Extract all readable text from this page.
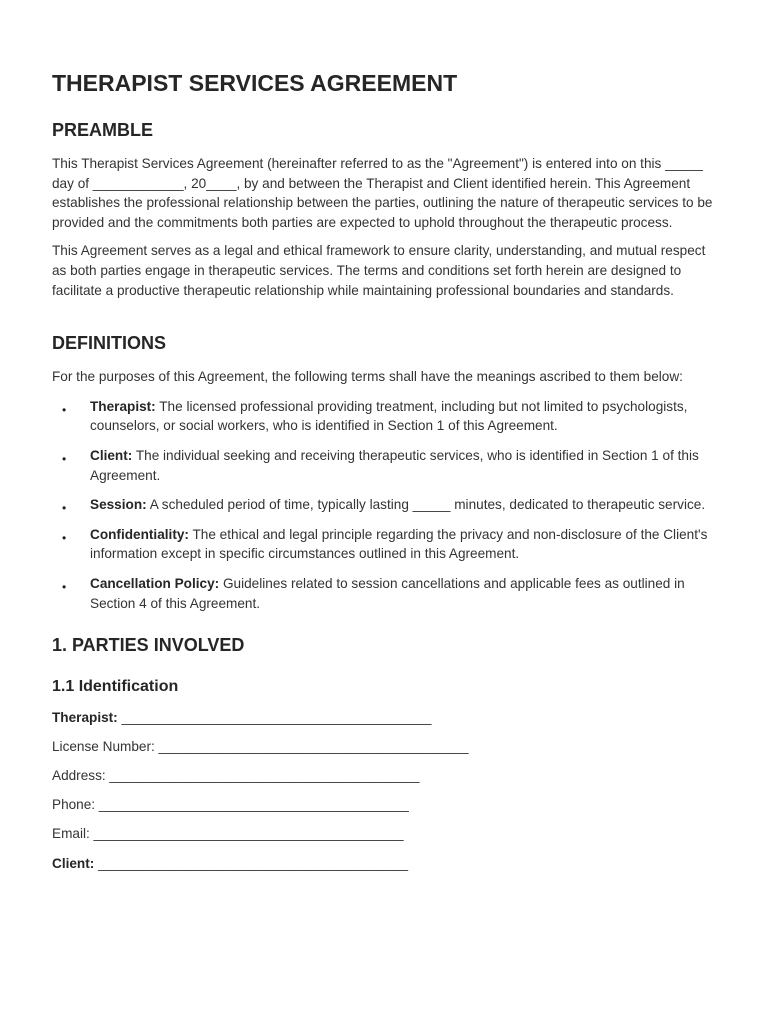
THERAPIST SERVICES AGREEMENT
PREAMBLE

This Therapist Services Agreement (hereinafter referred to as the "Agreement") is entered into on this _____ day of ____________, 20____, by and between the Therapist and Client identified herein. This Agreement establishes the professional relationship between the parties, outlining the nature of therapeutic services to be provided and the commitments both parties are expected to uphold throughout the therapeutic process.

This Agreement serves as a legal and ethical framework to ensure clarity, understanding, and mutual respect as both parties engage in therapeutic services. The terms and conditions set forth herein are designed to facilitate a productive therapeutic relationship while maintaining professional boundaries and standards.

DEFINITIONS

For the purposes of this Agreement, the following terms shall have the meanings ascribed to them below:

• Therapist: The licensed professional providing treatment, including but not limited to psychologists, counselors, or social workers, who is identified in Section 1 of this Agreement.
• Client: The individual seeking and receiving therapeutic services, who is identified in Section 1 of this Agreement.
• Session: A scheduled period of time, typically lasting _____ minutes, dedicated to therapeutic service.
• Confidentiality: The ethical and legal principle regarding the privacy and non-disclosure of the Client's information except in specific circumstances outlined in this Agreement.
• Cancellation Policy: Guidelines related to session cancellations and applicable fees as outlined in Section 4 of this Agreement.
1. PARTIES INVOLVED
1.1 Identification
Therapist: _________________________________________
License Number: _________________________________________
Address: _________________________________________
Phone: _________________________________________
Email: _________________________________________
Client: _________________________________________
